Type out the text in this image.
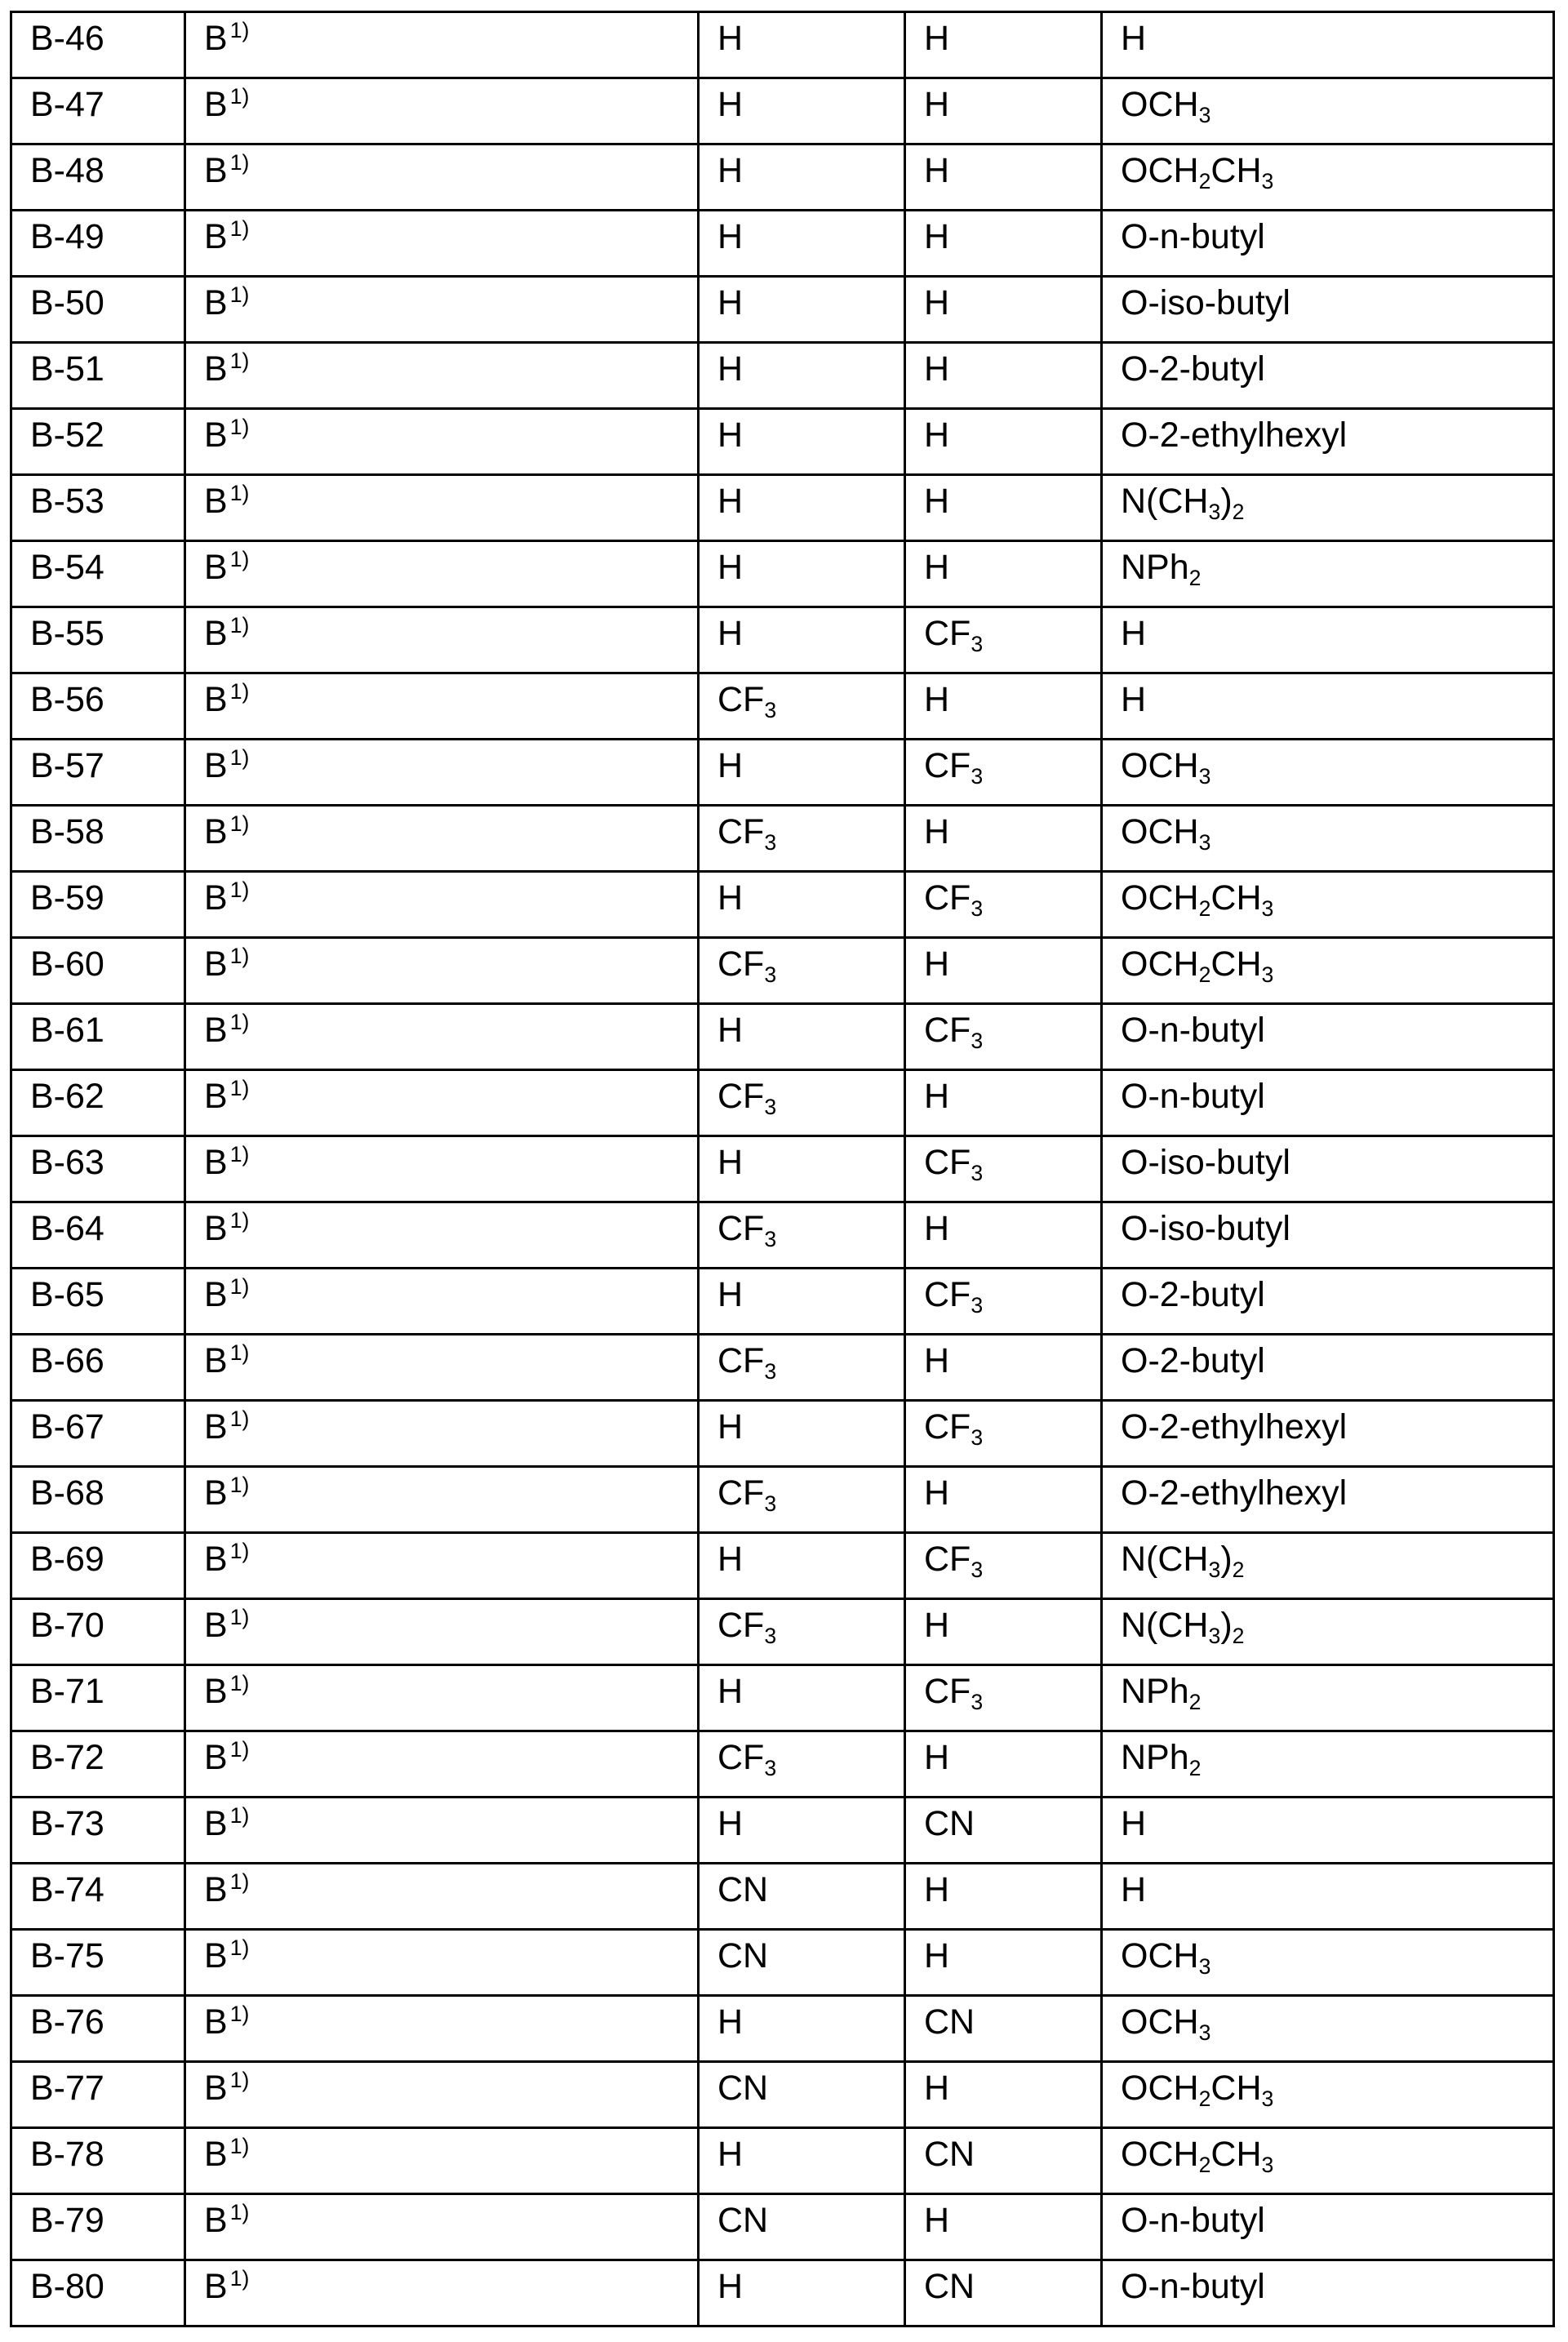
B-46	B $^{1)}$	H	H	H
B-47	B $^{1)}$	H	H	$OCH_3$
B-48	B $^{1)}$	H	H	$OCH_2CH_3$
B-49	B $^{1)}$	H	H	O-n-butyl
B-50	B $^{1)}$	H	H	O-iso-butyl
B-51	B $^{1)}$	H	H	O-2-butyl
B-52	B $^{1)}$	H	H	O-2-ethylhexyl
B-53	B $^{1)}$	H	H	$N(CH_3)_2$
B-54	B $^{1)}$	H	H	NPh$_2$
B-55	B $^{1)}$	H	$CF_3$	H
B-56	B $^{1)}$	$CF_3$	H	H
B-57	B $^{1)}$	H	$CF_3$	$OCH_3$
B-58	B $^{1)}$	$CF_3$	H	$OCH_3$
B-59	B $^{1)}$	H	$CF_3$	$OCH_2CH_3$
B-60	B $^{1)}$	$CF_3$	H	$OCH_2CH_3$
B-61	B $^{1)}$	H	$CF_3$	O-n-butyl
B-62	B $^{1)}$	$CF_3$	H	O-n-butyl
B-63	B $^{1)}$	H	$CF_3$	O-iso-butyl
B-64	B $^{1)}$	$CF_3$	H	O-iso-butyl
B-65	B $^{1)}$	H	$CF_3$	O-2-butyl
B-66	B $^{1)}$	$CF_3$	H	O-2-butyl
B-67	B $^{1)}$	H	$CF_3$	O-2-ethylhexyl
B-68	B $^{1)}$	$CF_3$	H	O-2-ethylhexyl
B-69	B $^{1)}$	H	$CF_3$	$N(CH_3)_2$
B-70	B $^{1)}$	$CF_3$	H	$N(CH_3)_2$
B-71	B $^{1)}$	H	$CF_3$	NPh$_2$
B-72	B $^{1)}$	$CF_3$	H	NPh$_2$
B-73	B $^{1)}$	H	CN	H
B-74	B $^{1)}$	CN	H	H
B-75	B $^{1)}$	CN	H	$OCH_3$
B-76	B $^{1)}$	H	CN	$OCH_3$
B-77	B $^{1)}$	CN	H	$OCH_2CH_3$
B-78	B $^{1)}$	H	CN	$OCH_2CH_3$
B-79	B $^{1)}$	CN	H	O-n-butyl
B-80	B $^{1)}$	H	CN	O-n-butyl
